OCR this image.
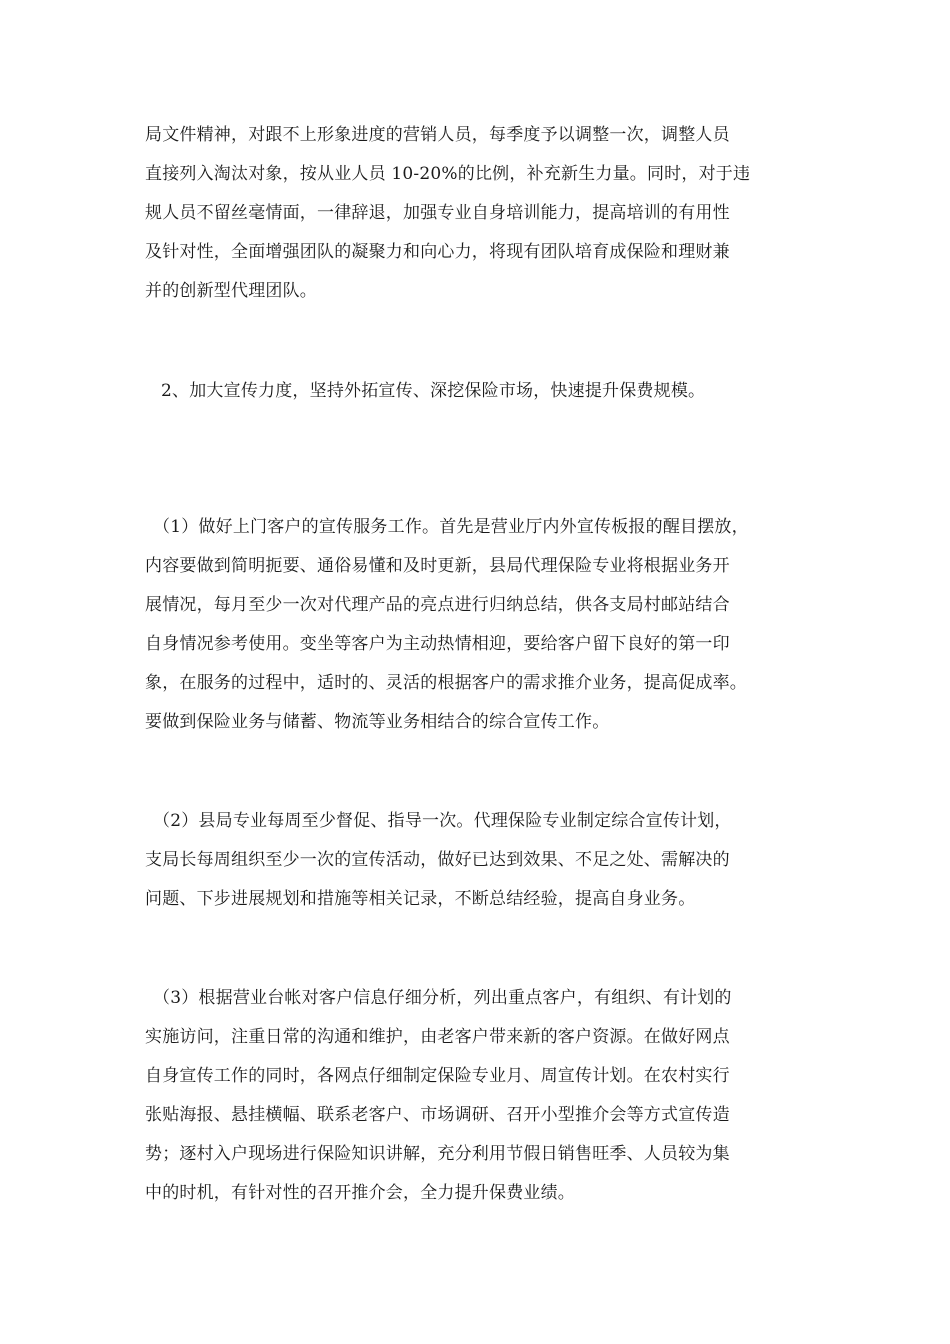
局文件精神，对跟不上形象进度的营销人员，每季度予以调整一次，调整人员
直接列入淘汰对象，按从业人员 10-20%的比例，补充新生力量。同时，对于违
规人员不留丝毫情面，一律辞退，加强专业自身培训能力，提高培训的有用性
及针对性，全面增强团队的凝聚力和向心力，将现有团队培育成保险和理财兼
并的创新型代理团队。
2、加大宣传力度，坚持外拓宣传、深挖保险市场，快速提升保费规模。
（1）做好上门客户的宣传服务工作。首先是营业厅内外宣传板报的醒目摆放，
内容要做到简明扼要、通俗易懂和及时更新，县局代理保险专业将根据业务开
展情况，每月至少一次对代理产品的亮点进行归纳总结，供各支局村邮站结合
自身情况参考使用。变坐等客户为主动热情相迎，要给客户留下良好的第一印
象，在服务的过程中，适时的、灵活的根据客户的需求推介业务，提高促成率。
要做到保险业务与储蓄、物流等业务相结合的综合宣传工作。
（2）县局专业每周至少督促、指导一次。代理保险专业制定综合宣传计划，
支局长每周组织至少一次的宣传活动，做好已达到效果、不足之处、需解决的
问题、下步进展规划和措施等相关记录，不断总结经验，提高自身业务。
（3）根据营业台帐对客户信息仔细分析，列出重点客户，有组织、有计划的
实施访问，注重日常的沟通和维护，由老客户带来新的客户资源。在做好网点
自身宣传工作的同时，各网点仔细制定保险专业月、周宣传计划。在农村实行
张贴海报、悬挂横幅、联系老客户、市场调研、召开小型推介会等方式宣传造
势；逐村入户现场进行保险知识讲解，充分利用节假日销售旺季、人员较为集
中的时机，有针对性的召开推介会，全力提升保费业绩。
